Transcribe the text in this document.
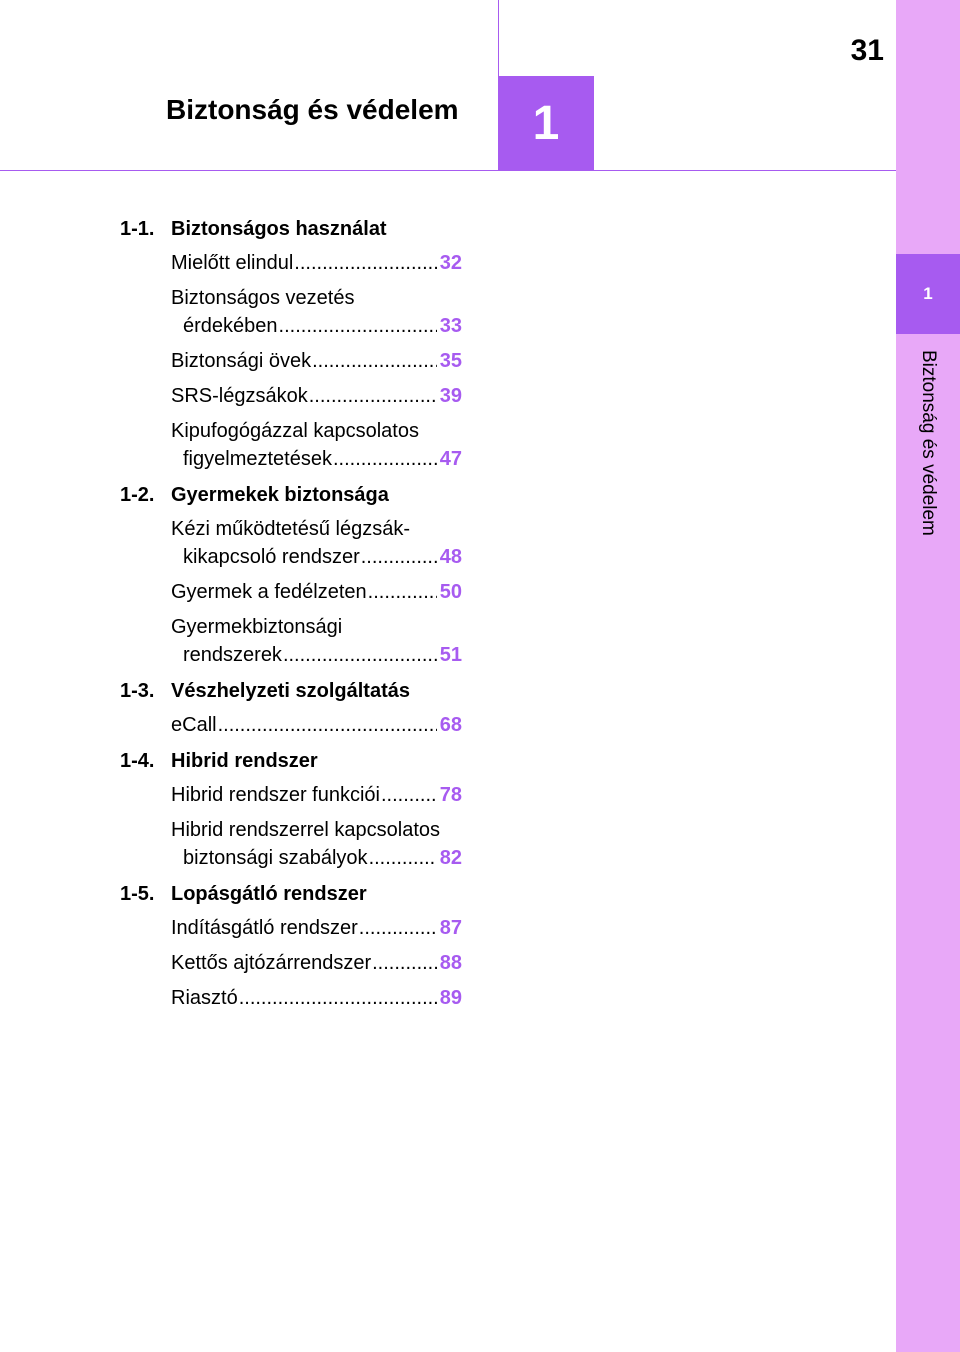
1
Biztonság és védelem
31
1
Biztonság és védelem
1-1. Biztonságos használat
Mielőtt elindul .....	32
Biztonságos vezetés
érdekében .....	33
Biztonsági övek .....	35
SRS-légzsákok .....	39
Kipufogógázzal kapcsolatos
figyelmeztetések .....	47
1-2. Gyermekek biztonsága
Kézi működtetésű légzsák-
kikapcsoló rendszer .....	48
Gyermek a fedélzeten .....	50
Gyermekbiztonsági
rendszerek .....	51
1-3. Vészhelyzeti szolgáltatás
eCall .....	68
1-4. Hibrid rendszer
Hibrid rendszer funkciói .....	78
Hibrid rendszerrel kapcsolatos
biztonsági szabályok .....	82
1-5. Lopásgátló rendszer
Indításgátló rendszer .....	87
Kettős ajtózárrendszer .....	88
Riasztó .....	89
